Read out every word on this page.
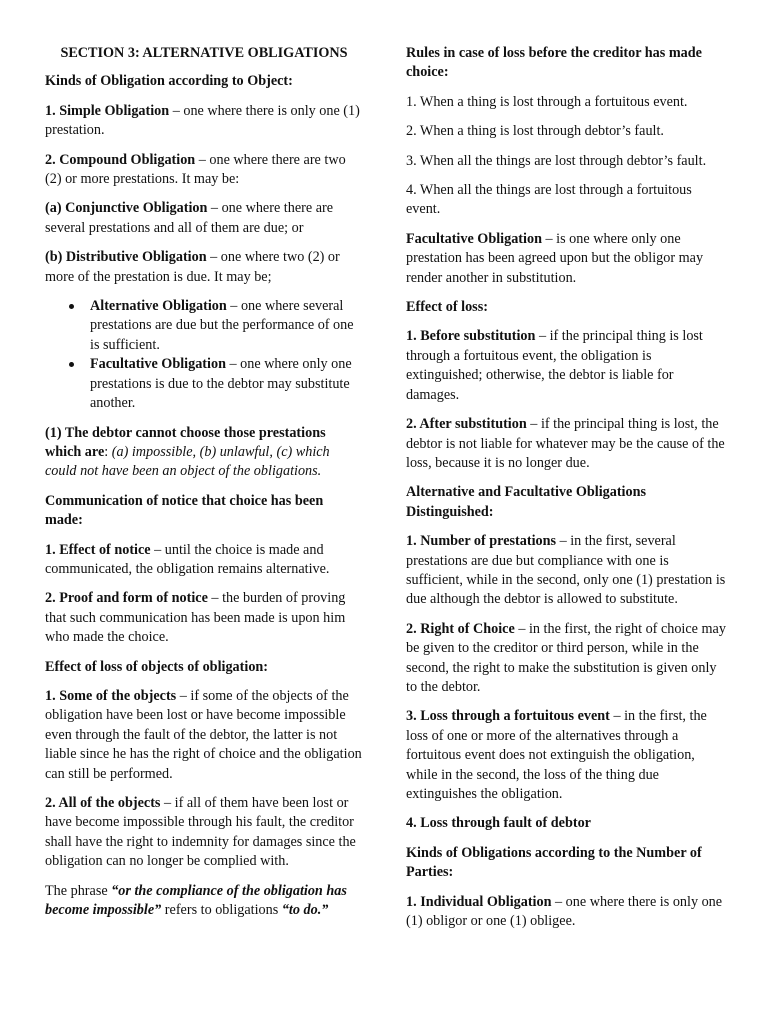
SECTION 3: ALTERNATIVE OBLIGATIONS

Kinds of Obligation according to Object:

1. Simple Obligation – one where there is only one (1) prestation.

2. Compound Obligation – one where there are two (2) or more prestations. It may be:

(a) Conjunctive Obligation – one where there are several prestations and all of them are due; or

(b) Distributive Obligation – one where two (2) or more of the prestation is due. It may be;

Alternative Obligation – one where several prestations are due but the performance of one is sufficient.
Facultative Obligation – one where only one prestations is due to the debtor may substitute another.

(1) The debtor cannot choose those prestations which are: (a) impossible, (b) unlawful, (c) which could not have been an object of the obligations.

Communication of notice that choice has been made:

1. Effect of notice – until the choice is made and communicated, the obligation remains alternative.

2. Proof and form of notice – the burden of proving that such communication has been made is upon him who made the choice.

Effect of loss of objects of obligation:

1. Some of the objects – if some of the objects of the obligation have been lost or have become impossible even through the fault of the debtor, the latter is not liable since he has the right of choice and the obligation can still be performed.

2. All of the objects – if all of them have been lost or have become impossible through his fault, the creditor shall have the right to indemnity for damages since the obligation can no longer be complied with.

The phrase “or the compliance of the obligation has become impossible” refers to obligations “to do.”

Rules in case of loss before the creditor has made choice:

1. When a thing is lost through a fortuitous event.

2. When a thing is lost through debtor’s fault.

3. When all the things are lost through debtor’s fault.

4. When all the things are lost through a fortuitous event.

Facultative Obligation – is one where only one prestation has been agreed upon but the obligor may render another in substitution.

Effect of loss:

1. Before substitution – if the principal thing is lost through a fortuitous event, the obligation is extinguished; otherwise, the debtor is liable for damages.

2. After substitution – if the principal thing is lost, the debtor is not liable for whatever may be the cause of the loss, because it is no longer due.

Alternative and Facultative Obligations Distinguished:

1. Number of prestations – in the first, several prestations are due but compliance with one is sufficient, while in the second, only one (1) prestation is due although the debtor is allowed to substitute.

2. Right of Choice – in the first, the right of choice may be given to the creditor or third person, while in the second, the right to make the substitution is given only to the debtor.

3. Loss through a fortuitous event – in the first, the loss of one or more of the alternatives through a fortuitous event does not extinguish the obligation, while in the second, the loss of the thing due extinguishes the obligation.

4. Loss through fault of debtor

Kinds of Obligations according to the Number of Parties:

1. Individual Obligation – one where there is only one (1) obligor or one (1) obligee.
